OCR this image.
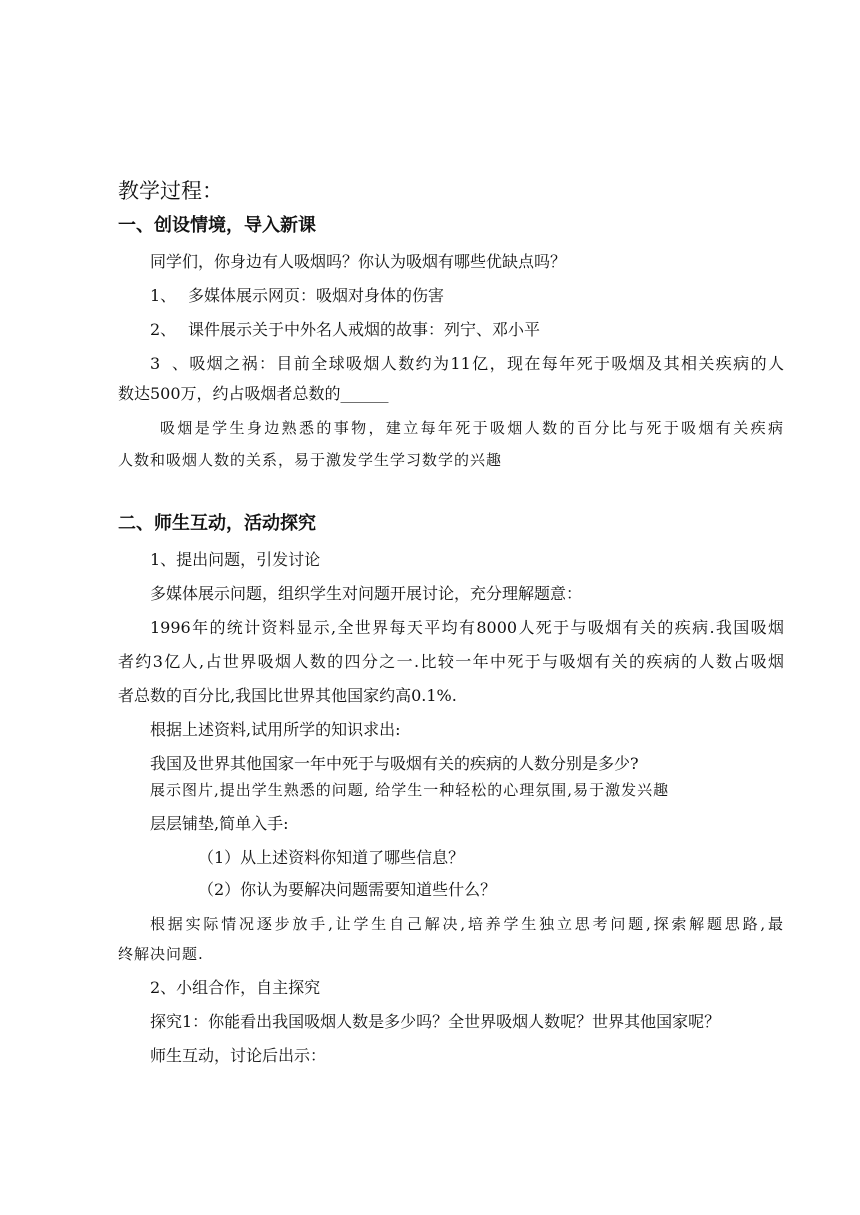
教学过程：
一、创设情境，导入新课
同学们，你身边有人吸烟吗？你认为吸烟有哪些优缺点吗？
1、 多媒体展示网页：吸烟对身体的伤害
2、 课件展示关于中外名人戒烟的故事：列宁、邓小平
3、吸烟之祸：目前全球吸烟人数约为11亿，现在每年死于吸烟及其相关疾病的人
数达500万，约占吸烟者总数的______
吸烟是学生身边熟悉的事物，建立每年死于吸烟人数的百分比与死于吸烟有关疾病
人数和吸烟人数的关系，易于激发学生学习数学的兴趣
二、师生互动，活动探究
1、提出问题，引发讨论
多媒体展示问题，组织学生对问题开展讨论，充分理解题意：
1996年的统计资料显示,全世界每天平均有8000人死于与吸烟有关的疾病.我国吸烟
者约3亿人,占世界吸烟人数的四分之一.比较一年中死于与吸烟有关的疾病的人数占吸烟
者总数的百分比,我国比世界其他国家约高0.1%.
根据上述资料,试用所学的知识求出:
我国及世界其他国家一年中死于与吸烟有关的疾病的人数分别是多少?
展示图片,提出学生熟悉的问题, 给学生一种轻松的心理氛围,易于激发兴趣
层层铺垫,简单入手:
（1）从上述资料你知道了哪些信息？
（2）你认为要解决问题需要知道些什么？
根据实际情况逐步放手,让学生自己解决,培养学生独立思考问题,探索解题思路,最
终解决问题.
2、小组合作，自主探究
探究1：你能看出我国吸烟人数是多少吗？全世界吸烟人数呢？世界其他国家呢？
师生互动，讨论后出示：
